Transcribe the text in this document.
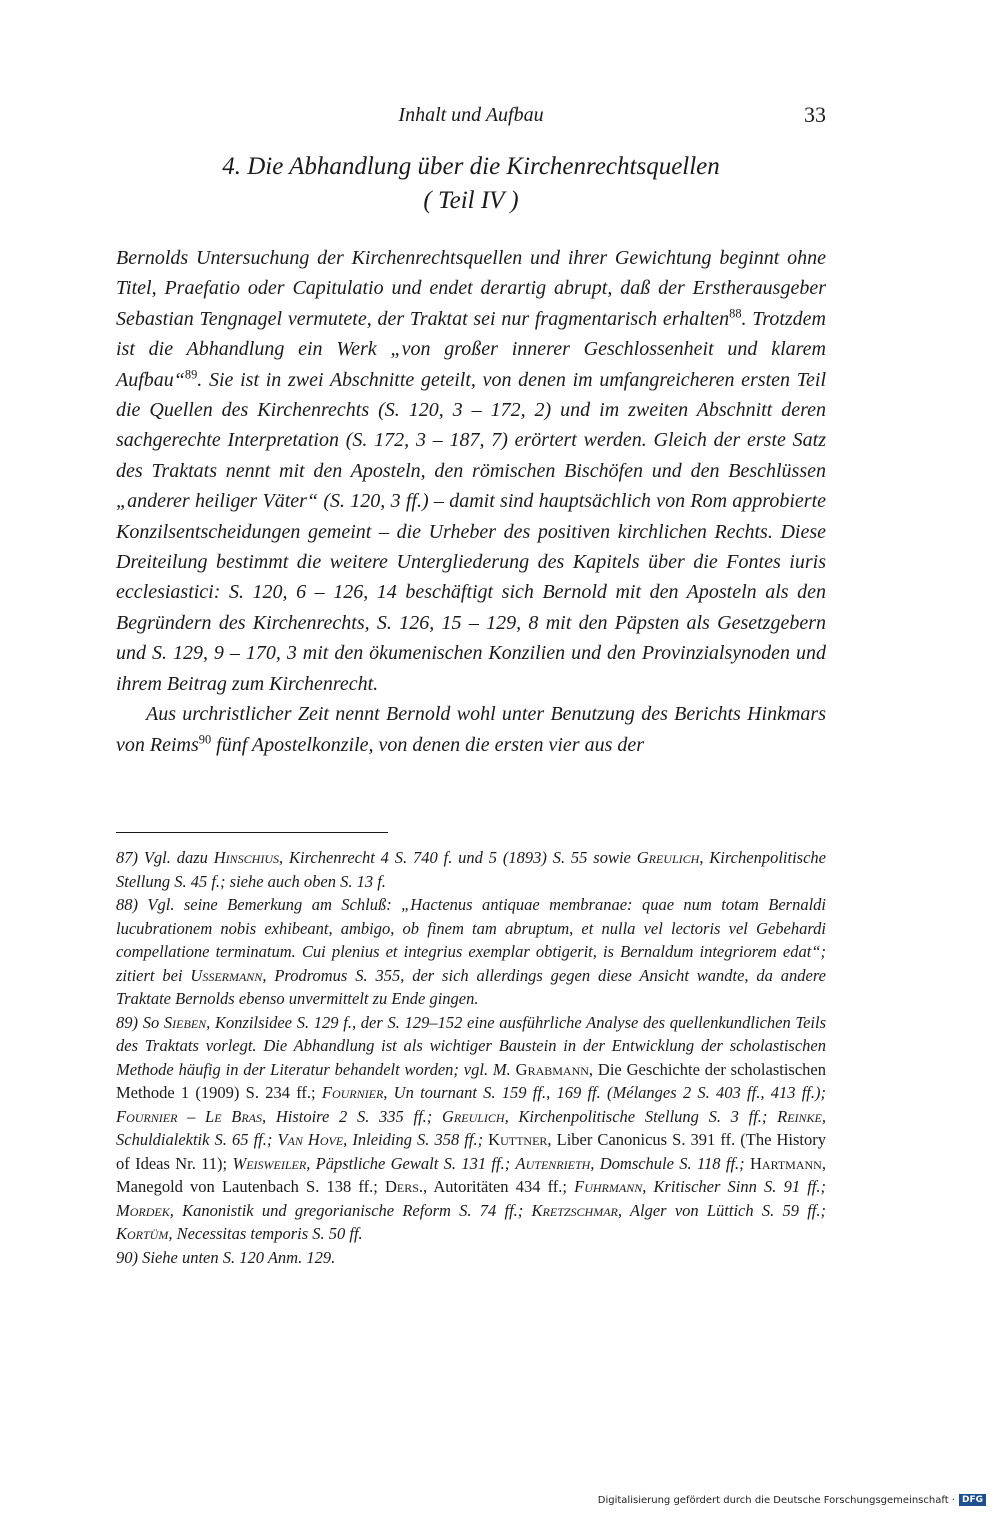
Inhalt und Aufbau	33
4. Die Abhandlung über die Kirchenrechtsquellen
( Teil IV )

Bernolds Untersuchung der Kirchenrechtsquellen und ihrer Gewichtung beginnt ohne Titel, Praefatio oder Capitulatio und endet derartig abrupt, daß der Erstherausgeber Sebastian Tengnagel vermutete, der Traktat sei nur fragmentarisch erhalten$^{88}$. Trotzdem ist die Abhandlung ein Werk „von großer innerer Geschlossenheit und klarem Aufbau“$^{89}$. Sie ist in zwei Abschnitte geteilt, von denen im umfangreicheren ersten Teil die Quellen des Kirchenrechts (S. 120, 3 – 172, 2) und im zweiten Abschnitt deren sachgerechte Interpretation (S. 172, 3 – 187, 7) erörtert werden. Gleich der erste Satz des Traktats nennt mit den Aposteln, den römischen Bischöfen und den Beschlüssen „anderer heiliger Väter“ (S. 120, 3 ff.) – damit sind hauptsächlich von Rom approbierte Konzilsentscheidungen gemeint – die Urheber des positiven kirchlichen Rechts. Diese Dreiteilung bestimmt die weitere Untergliederung des Kapitels über die Fontes iuris ecclesiastici: S. 120, 6 – 126, 14 beschäftigt sich Bernold mit den Aposteln als den Begründern des Kirchenrechts, S. 126, 15 – 129, 8 mit den Päpsten als Gesetzgebern und S. 129, 9 – 170, 3 mit den ökumenischen Konzilien und den Provinzialsynoden und ihrem Beitrag zum Kirchenrecht.

Aus urchristlicher Zeit nennt Bernold wohl unter Benutzung des Berichts Hinkmars von Reims$^{90}$ fünf Apostelkonzile, von denen die ersten vier aus der

87) Vgl. dazu Hinschius, Kirchenrecht 4 S. 740 f. und 5 (1893) S. 55 sowie Greulich, Kirchenpolitische Stellung S. 45 f.; siehe auch oben S. 13 f.

88) Vgl. seine Bemerkung am Schluß: „Hactenus antiquae membranae: quae num totam Bernaldi lucubrationem nobis exhibeant, ambigo, ob finem tam abruptum, et nulla vel lectoris vel Gebehardi compellatione terminatum. Cui plenius et integrius exemplar obtigerit, is Bernaldum integriorem edat“; zitiert bei Ussermann, Prodromus S. 355, der sich allerdings gegen diese Ansicht wandte, da andere Traktate Bernolds ebenso unvermittelt zu Ende gingen.

89) So Sieben, Konzilsidee S. 129 f., der S. 129–152 eine ausführliche Analyse des quellenkundlichen Teils des Traktats vorlegt. Die Abhandlung ist als wichtiger Baustein in der Entwicklung der scholastischen Methode häufig in der Literatur behandelt worden; vgl. M. Grabmann, Die Geschichte der scholastischen Methode 1 (1909) S. 234 ff.; Fournier, Un tournant S. 159 ff., 169 ff. (Mélanges 2 S. 403 ff., 413 ff.); Fournier – Le Bras, Histoire 2 S. 335 ff.; Greulich, Kirchenpolitische Stellung S. 3 ff.; Reinke, Schuldialektik S. 65 ff.; Van Hove, Inleiding S. 358 ff.; Kuttner, Liber Canonicus S. 391 ff. (The History of Ideas Nr. 11); Weisweiler, Päpstliche Gewalt S. 131 ff.; Autenrieth, Domschule S. 118 ff.; Hartmann, Manegold von Lautenbach S. 138 ff.; Ders., Autoritäten 434 ff.; Fuhrmann, Kritischer Sinn S. 91 ff.; Mordek, Kanonistik und gregorianische Reform S. 74 ff.; Kretzschmar, Alger von Lüttich S. 59 ff.; Kortüm, Necessitas temporis S. 50 ff.

90) Siehe unten S. 120 Anm. 129.

Digitalisierung gefördert durch die Deutsche Forschungsgemeinschaft · DFG
